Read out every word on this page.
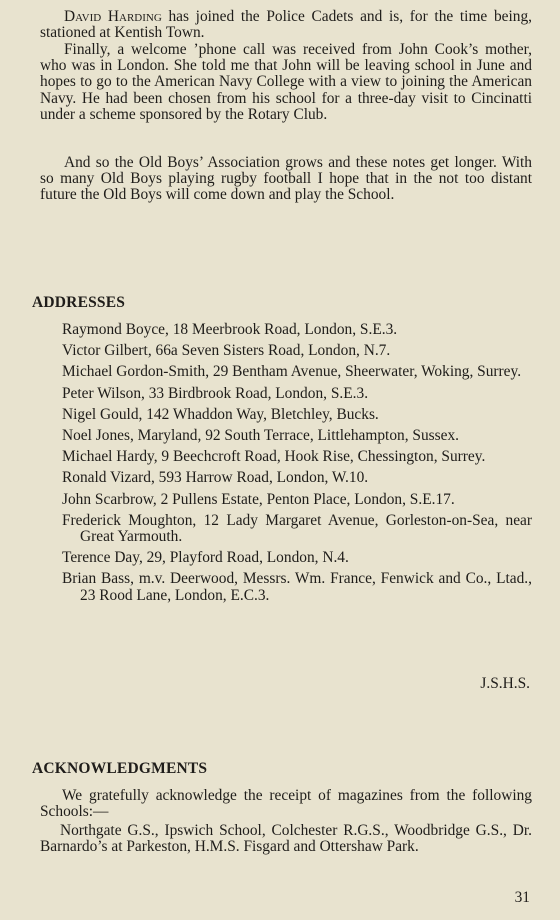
David Harding has joined the Police Cadets and is, for the time being, stationed at Kentish Town.
Finally, a welcome ’phone call was received from John Cook’s mother, who was in London. She told me that John will be leaving school in June and hopes to go to the American Navy College with a view to joining the American Navy. He had been chosen from his school for a three-day visit to Cincinatti under a scheme sponsored by the Rotary Club.
And so the Old Boys’ Association grows and these notes get longer. With so many Old Boys playing rugby football I hope that in the not too distant future the Old Boys will come down and play the School.
ADDRESSES
Raymond Boyce, 18 Meerbrook Road, London, S.E.3.
Victor Gilbert, 66a Seven Sisters Road, London, N.7.
Michael Gordon-Smith, 29 Bentham Avenue, Sheerwater, Woking, Surrey.
Peter Wilson, 33 Birdbrook Road, London, S.E.3.
Nigel Gould, 142 Whaddon Way, Bletchley, Bucks.
Noel Jones, Maryland, 92 South Terrace, Littlehampton, Sussex.
Michael Hardy, 9 Beechcroft Road, Hook Rise, Chessington, Surrey.
Ronald Vizard, 593 Harrow Road, London, W.10.
John Scarbrow, 2 Pullens Estate, Penton Place, London, S.E.17.
Frederick Moughton, 12 Lady Margaret Avenue, Gorleston-on-Sea, near Great Yarmouth.
Terence Day, 29, Playford Road, London, N.4.
Brian Bass, m.v. Deerwood, Messrs. Wm. France, Fenwick and Co., Ltad., 23 Rood Lane, London, E.C.3.
J.S.H.S.
ACKNOWLEDGMENTS
We gratefully acknowledge the receipt of magazines from the following Schools:—
Northgate G.S., Ipswich School, Colchester R.G.S., Woodbridge G.S., Dr. Barnardo’s at Parkeston, H.M.S. Fisgard and Ottershaw Park.
31
